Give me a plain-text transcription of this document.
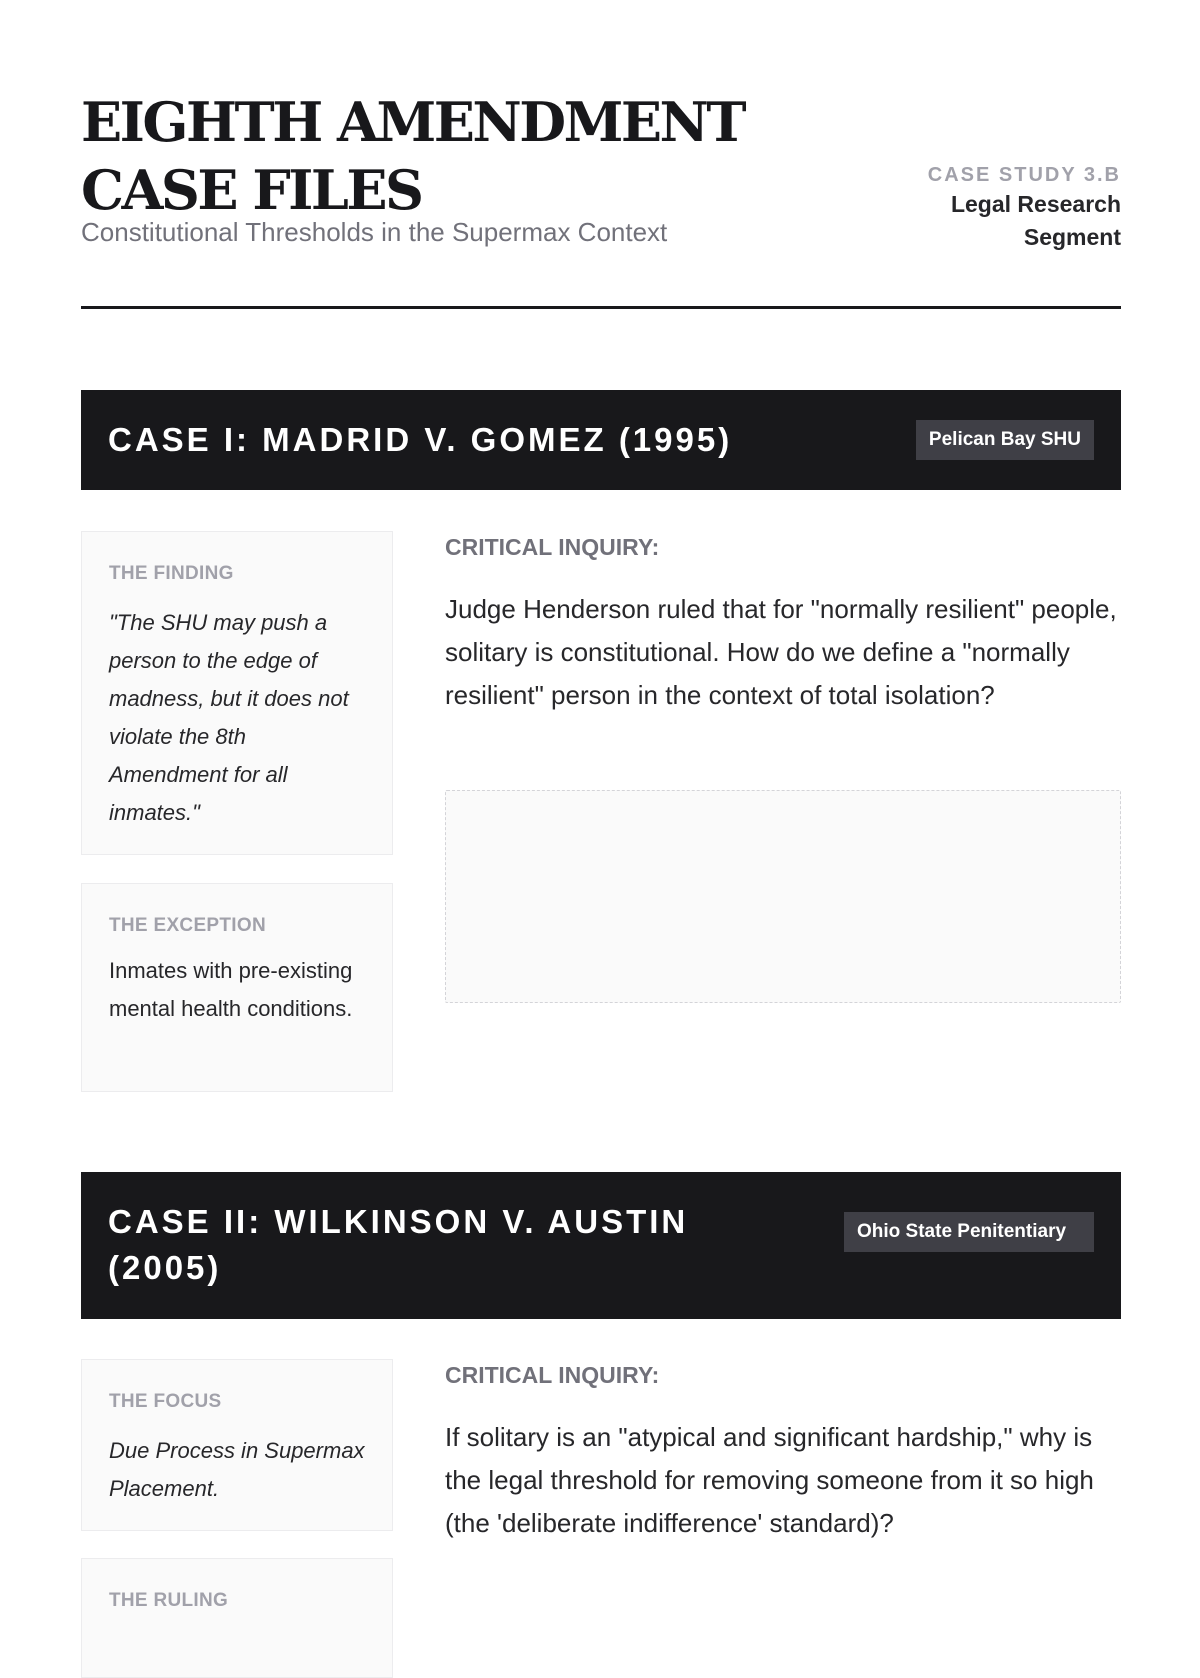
EIGHTH AMENDMENT CASE FILES
Constitutional Thresholds in the Supermax Context
CASE STUDY 3.B
Legal Research Segment
CASE I: MADRID V. GOMEZ (1995)	Pelican Bay SHU
THE FINDING
"The SHU may push a person to the edge of madness, but it does not violate the 8th Amendment for all inmates."
THE EXCEPTION
Inmates with pre-existing mental health conditions.
CRITICAL INQUIRY:
Judge Henderson ruled that for "normally resilient" people, solitary is constitutional. How do we define a "normally resilient" person in the context of total isolation?
CASE II: WILKINSON V. AUSTIN (2005)
Ohio State Penitentiary
THE FOCUS
Due Process in Supermax Placement.
THE RULING
CRITICAL INQUIRY:
If solitary is an "atypical and significant hardship," why is the legal threshold for removing someone from it so high (the 'deliberate indifference' standard)?
